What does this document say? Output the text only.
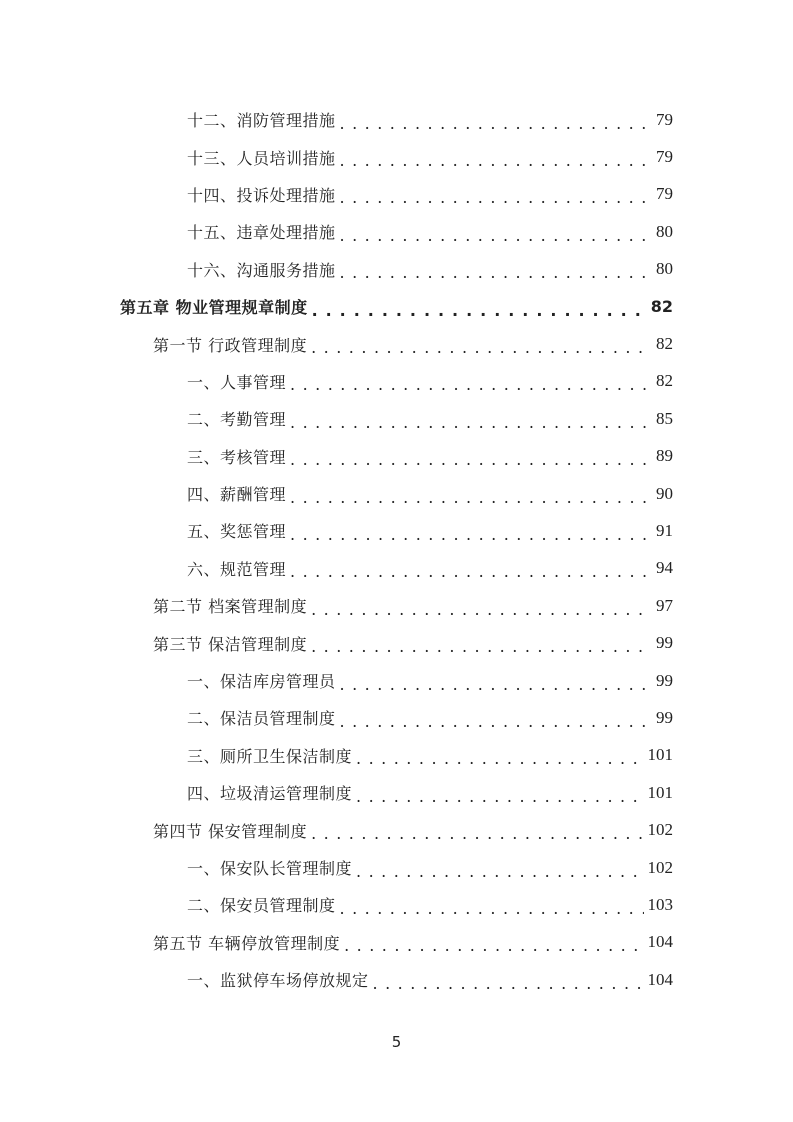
十二、消防管理措施 . . .	79
十三、人员培训措施 . . .	79
十四、投诉处理措施 . . .	79
十五、违章处理措施 . . .	80
十六、沟通服务措施 . . .	80
第五章 物业管理规章制度 . . .	82
第一节 行政管理制度 . . .	82
一、人事管理 . . .	82
二、考勤管理 . . .	85
三、考核管理 . . .	89
四、薪酬管理 . . .	90
五、奖惩管理 . . .	91
六、规范管理 . . .	94
第二节 档案管理制度 . . .	97
第三节 保洁管理制度 . . .	99
一、保洁库房管理员 . . .	99
二、保洁员管理制度 . . .	99
三、厕所卫生保洁制度 . . .	101
四、垃圾清运管理制度 . . .	101
第四节 保安管理制度 . . .	102
一、保安队长管理制度 . . .	102
二、保安员管理制度 . . .	103
第五节 车辆停放管理制度 . . .	104
一、监狱停车场停放规定 . . .	104
5
